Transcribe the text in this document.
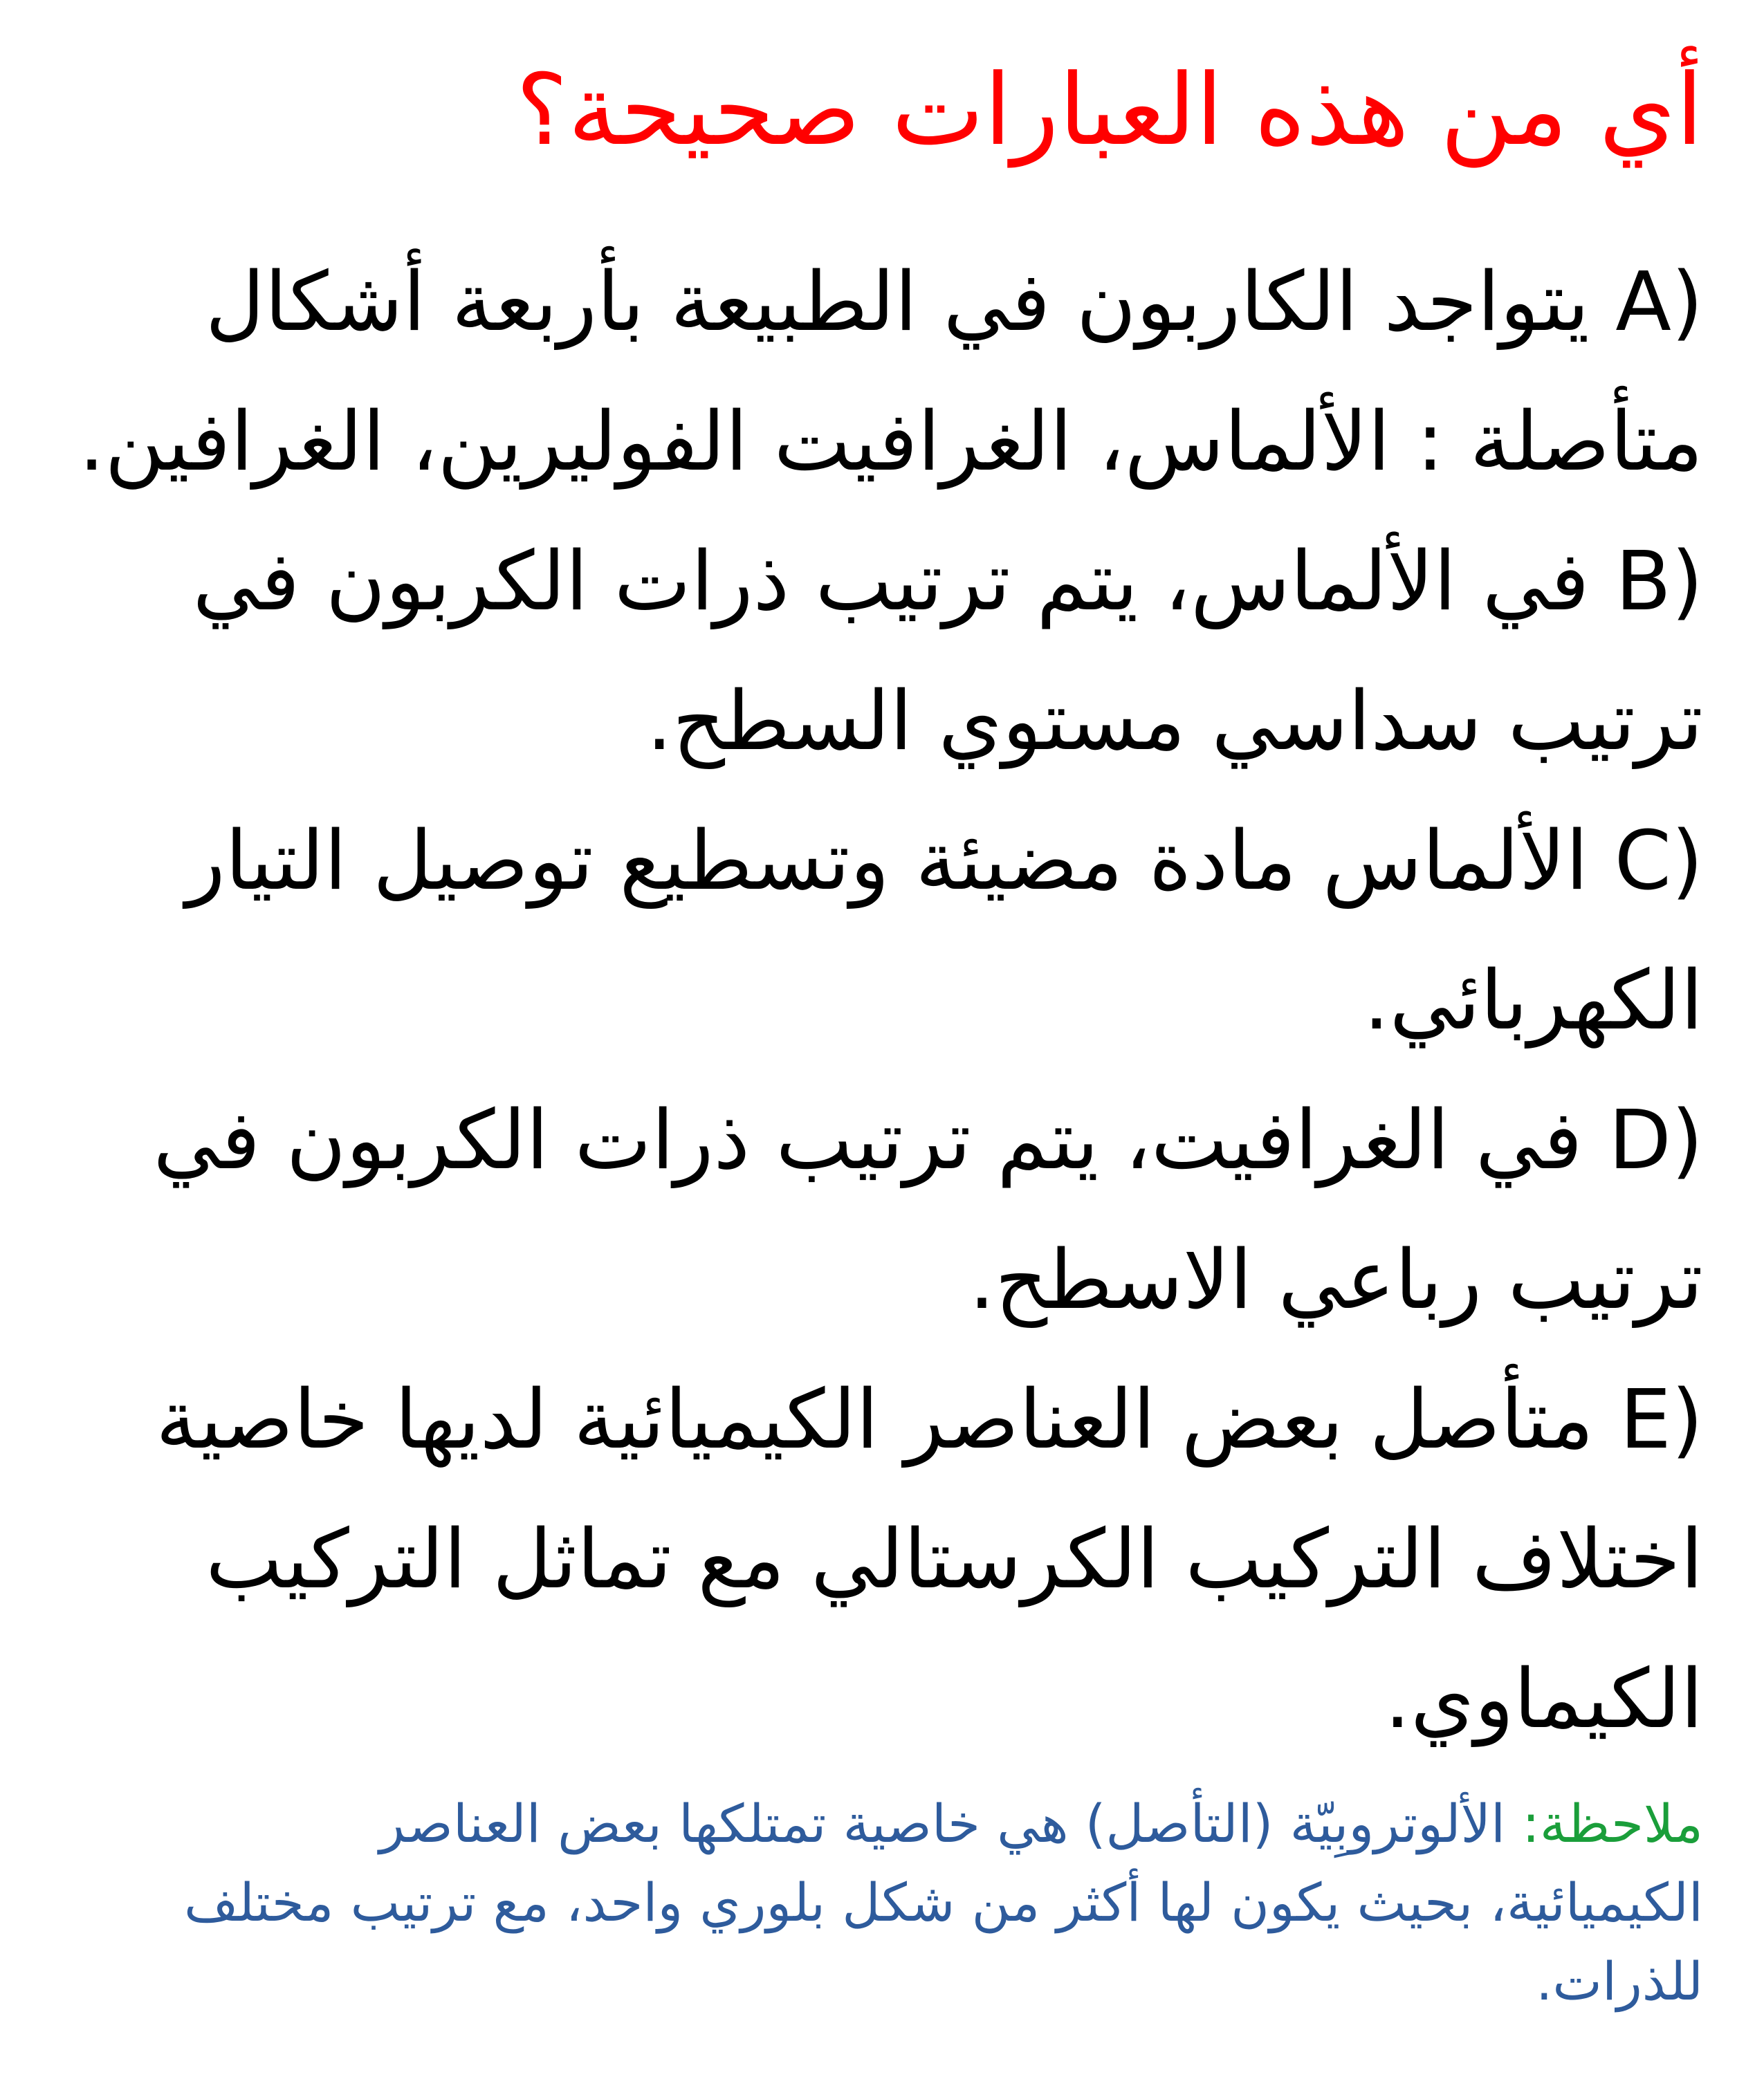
أي من هذه العبارات صحيحة؟
A) يتواجد الكاربون في الطبيعة بأربعة أشكال
متأصلة : الألماس، الغرافيت الفوليرين، الغرافين.
B) في الألماس، يتم ترتيب ذرات الكربون في
ترتيب سداسي مستوي السطح.
C) الألماس مادة مضيئة وتسطيع توصيل التيار
الكهربائي.
D) في الغرافيت، يتم ترتيب ذرات الكربون في
ترتيب رباعي الاسطح.
E) متأصل بعض العناصر الكيميائية لديها خاصية
اختلاف التركيب الكرستالي مع تماثل التركيب
الكيماوي.
ملاحظة: الألوتروبِيّة (التأصل) هي خاصية تمتلكها بعض العناصر
الكيميائية، بحيث يكون لها أكثر من شكل بلوري واحد، مع ترتيب مختلف
للذرات.
